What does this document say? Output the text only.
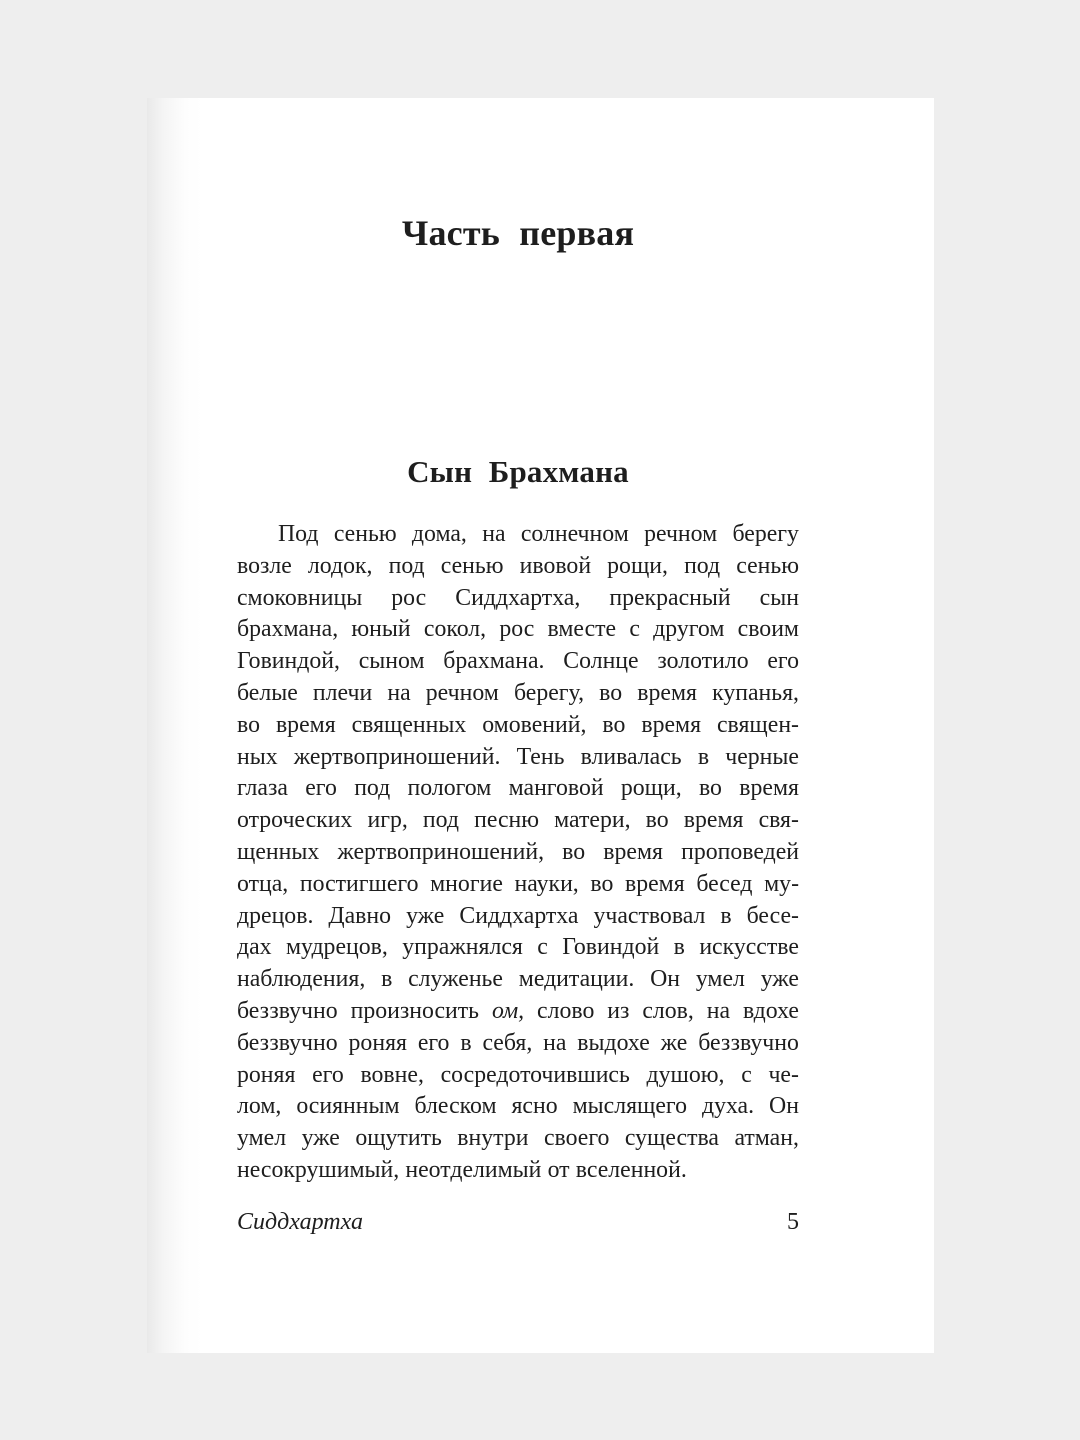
Часть первая
Сын Брахмана
Под сенью дома, на солнечном речном берегу
возле лодок, под сенью ивовой рощи, под сенью
смоковницы рос Сиддхартха, прекрасный сын
брахмана, юный сокол, рос вместе с другом своим
Говиндой, сыном брахмана. Солнце золотило его
белые плечи на речном берегу, во время купанья,
во время священных омовений, во время священ-
ных жертвоприношений. Тень вливалась в черные
глаза его под пологом манговой рощи, во время
отроческих игр, под песню матери, во время свя-
щенных жертвоприношений, во время проповедей
отца, постигшего многие науки, во время бесед му-
дрецов. Давно уже Сиддхартха участвовал в бесе-
дах мудрецов, упражнялся с Говиндой в искусстве
наблюдения, в служенье медитации. Он умел уже
беззвучно произносить ом, слово из слов, на вдохе
беззвучно роняя его в себя, на выдохе же беззвучно
роняя его вовне, сосредоточившись душою, с че-
лом, осиянным блеском ясно мыслящего духа. Он
умел уже ощутить внутри своего существа атман,
несокрушимый, неотделимый от вселенной.
Сиддхартха	5
